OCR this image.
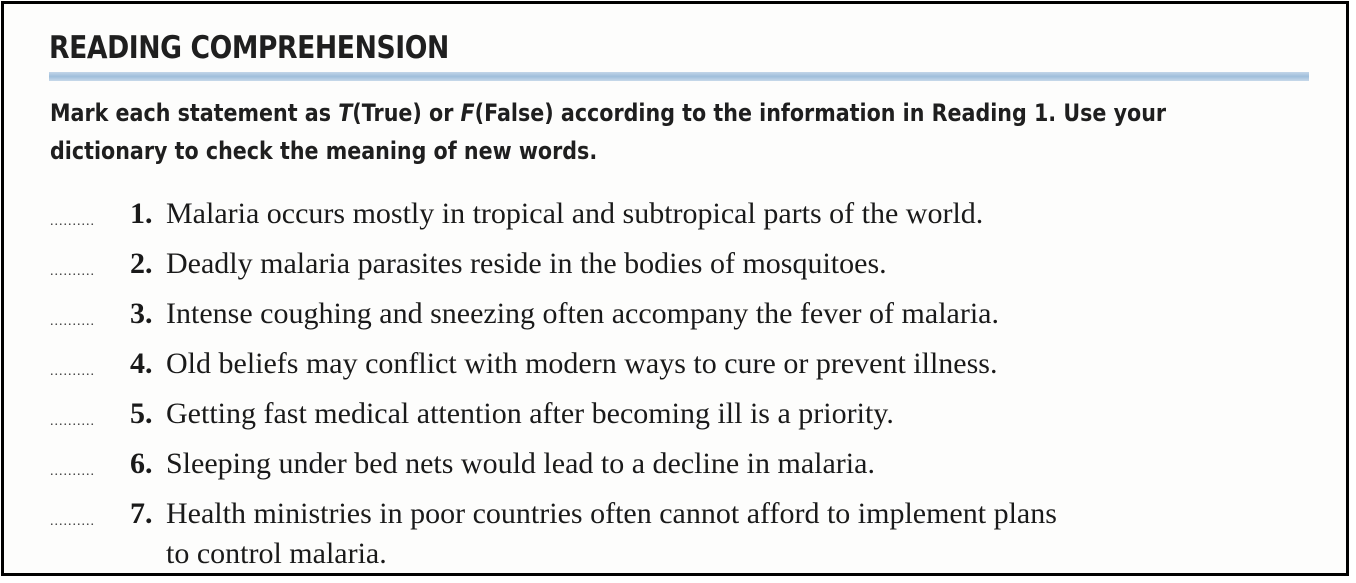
READING COMPREHENSION
Mark each statement as T(True) or F(False) according to the information in Reading 1. Use your dictionary to check the meaning of new words.
.......... 1. Malaria occurs mostly in tropical and subtropical parts of the world.
.......... 2. Deadly malaria parasites reside in the bodies of mosquitoes.
.......... 3. Intense coughing and sneezing often accompany the fever of malaria.
.......... 4. Old beliefs may conflict with modern ways to cure or prevent illness.
.......... 5. Getting fast medical attention after becoming ill is a priority.
.......... 6. Sleeping under bed nets would lead to a decline in malaria.
.......... 7. Health ministries in poor countries often cannot afford to implement plans
to control malaria.
